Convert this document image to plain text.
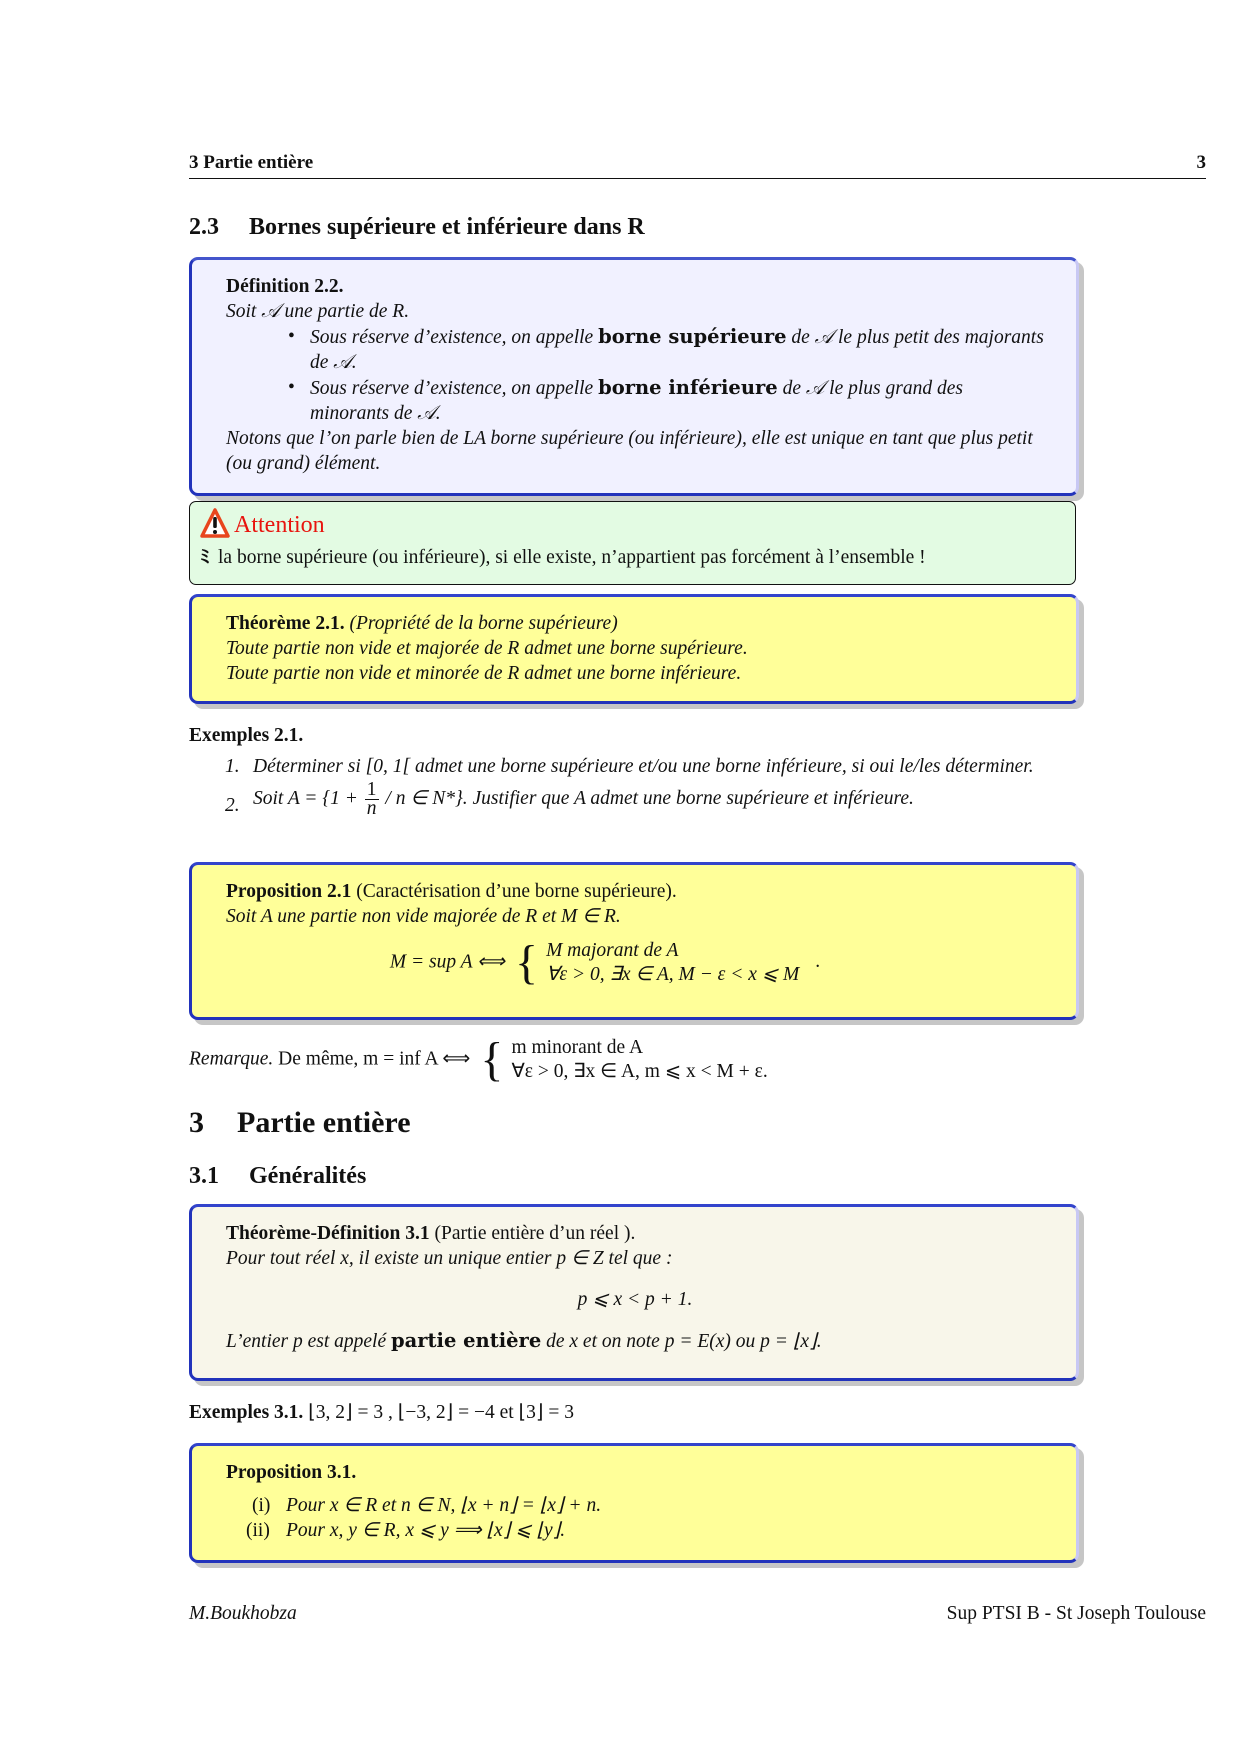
3 Partie entière	3
2.3 Bornes supérieure et inférieure dans R
Définition 2.2.
Soit 𝒜 une partie de R.
• Sous réserve d’existence, on appelle borne supérieure de 𝒜 le plus petit des majorants de 𝒜.
• Sous réserve d’existence, on appelle borne inférieure de 𝒜 le plus grand des minorants de 𝒜.
Notons que l’on parle bien de LA borne supérieure (ou inférieure), elle est unique en tant que plus petit (ou grand) élément.
Attention
ﾐ la borne supérieure (ou inférieure), si elle existe, n’appartient pas forcément à l’ensemble !
Théorème 2.1. (Propriété de la borne supérieure)
Toute partie non vide et majorée de R admet une borne supérieure.
Toute partie non vide et minorée de R admet une borne inférieure.
Exemples 2.1.
1. Déterminer si [0, 1[ admet une borne supérieure et/ou une borne inférieure, si oui le/les déterminer.
2. Soit $A = \{1 + \frac{1}{n} / n$ ∈ N*}. Justifier que A admet une borne supérieure et inférieure.
Proposition 2.1 (Caractérisation d’une borne supérieure).
Soit A une partie non vide majorée de R et M ∈ R.
M = sup A ⟺ { M majorant de A
∀ε > 0, ∃x ∈ A, M − ε < x ⩽ M
.
Remarque. De même, m = inf A ⟺ { m minorant de A
∀ε > 0, ∃x ∈ A, m ⩽ x < M + ε.
3 Partie entière
3.1 Généralités
Théorème-Définition 3.1 (Partie entière d’un réel ).
Pour tout réel x, il existe un unique entier p ∈ Z tel que :
p ⩽ x < p + 1.
L’entier p est appelé partie entière de x et on note p = E(x) ou p = ⌊x⌋.
Exemples 3.1. ⌊3, 2⌋ = 3 , ⌊−3, 2⌋ = −4 et ⌊3⌋ = 3
Proposition 3.1.
(i) Pour x ∈ R et n ∈ N, ⌊x + n⌋ = ⌊x⌋ + n.
(ii) Pour x, y ∈ R, x ⩽ y ⟹ ⌊x⌋ ⩽ ⌊y⌋.
M.Boukhobza	Sup PTSI B - St Joseph Toulouse
